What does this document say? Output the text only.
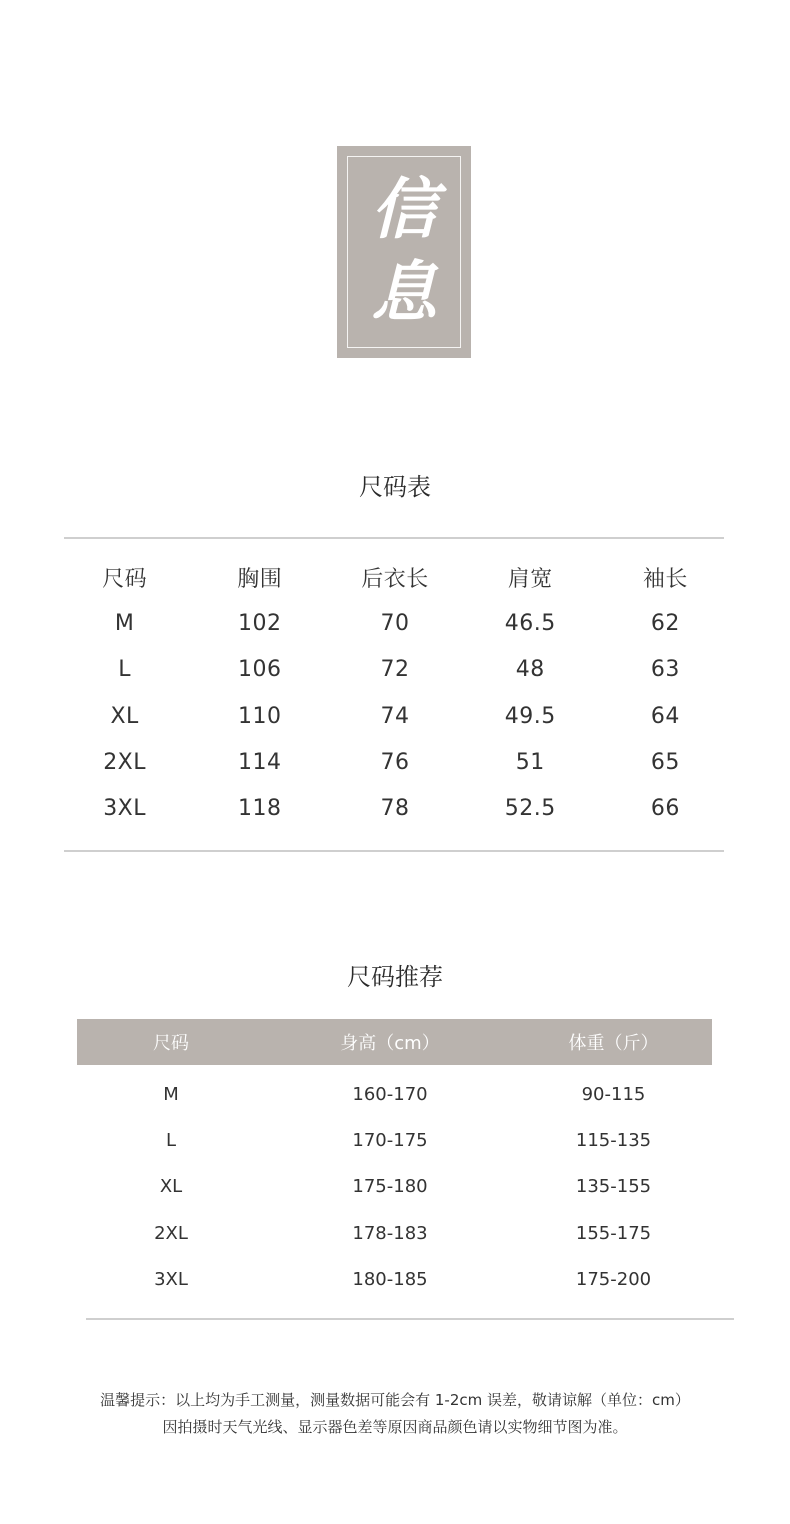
信
息
尺码表
尺码	胸围	后衣长	肩宽	袖长
M	102	70	46.5	62
L	106	72	48	63
XL	110	74	49.5	64
2XL	114	76	51	65
3XL	118	78	52.5	66
尺码推荐
尺码	身高（cm）	体重（斤）
M	160-170	90-115
L	170-175	115-135
XL	175-180	135-155
2XL	178-183	155-175
3XL	180-185	175-200
温馨提示：以上均为手工测量，测量数据可能会有 1-2cm 误差，敬请谅解（单位：cm）
因拍摄时天气光线、显示器色差等原因商品颜色请以实物细节图为准。
